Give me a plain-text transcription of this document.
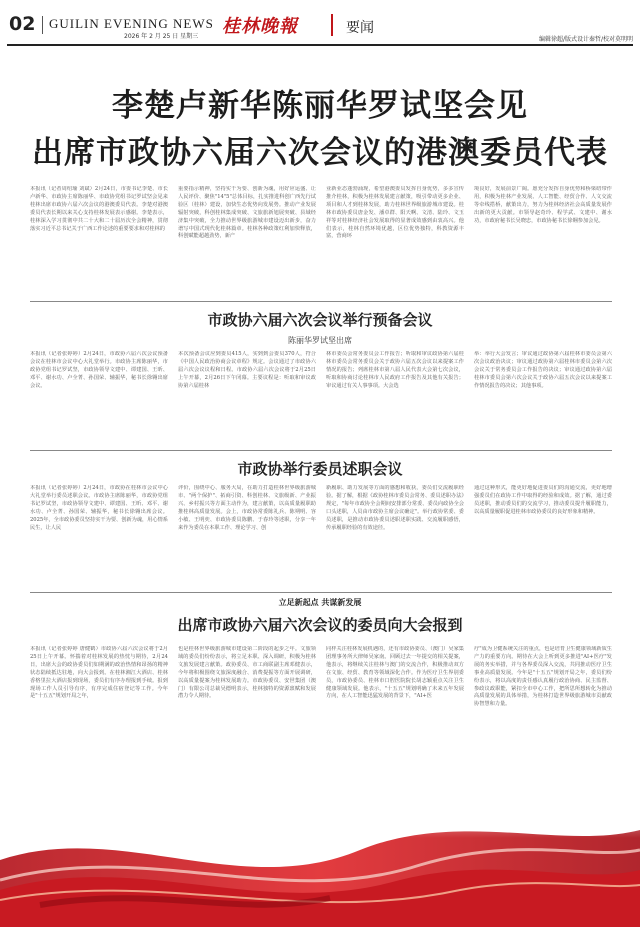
02 GUILIN EVENING NEWS
2026 年 2 月 25 日 星期三 桂林晚報	要闻
编辑徐超/版式设计秦哲/校对莫明明
李楚卢新华陈丽华罗试坚会见
出席市政协六届六次会议的港澳委员代表
本报讯（记者周绍瑜 刘斌）2月24日，市委书记李楚、市长卢新华、市政协主席陈丽华、市政协党组书记罗试坚会见来桂林出席市政协六届六次会议的港澳委员代表。李楚对港澳委员代表长期以来关心支持桂林发展表示感谢。李楚表示，桂林深入学习贯彻中共二十大和二十届历次全会精神，贯彻落实习近平总书记关于广西工作论述的重要要求和对桂林的
重要指示精神，坚持实干为要、创新为魂，用好应运盛、让人民评价、聚焦"14"5"总体目标，扎实推进科创广西先行试验区（桂林）建设，加快生态优势向发展势。推动产业发展辐射突破，科创桂林集成突破、文旅旅新旭展突破、县域经济集中突破，全力推动世界级旅游城市建设迈出新步，奋力谱写中国式现代化桂林篇章。桂林各种政策红利加快释放，科创赋能超越劲势，新产
业新业态蓬勃涌现，希望港澳委员发挥自身优势，多多宣传推介桂林，积极为桂林发展建言献策，吸引带动更多企业、项目和人才到桂林发展，助力桂林世界级旅游城市建设。桂林市政协委员唐金发、潘卓群、阳天啊、文清、陆玲、文玉祥等对桂林经济社会发展取得的显著成效感到由衷高兴。他们表示，桂林自然环境优越，区位优势独特，科教资源丰富，营商环
境良好，发展前景广阔。愿充分发挥自身优势和桥梁纽带作用，积极为桂林产业发展、人工智能、经贸合作、人文交流等牵线搭桥，献策出力，努力为桂林经济社会高质量发展作出新的更大贡献。市领导赵奇玲、程学武、文建中、谢水功，市政府秘书长吴晓忠，市政协秘书长徐翱参加会见。
市政协六届六次会议举行预备会议
陈丽华罗试坚出席
本报讯（记者张婷婷）2月24日，市政协六届六次会议预备会议在桂林市会议中心大礼堂举行。市政协主席陈丽华，市政协党组书记罗试坚，市政协领导文建中、谭建国、王昕、邓平、谢水功、卢全菁、孙国荣、辅振华，秘书长徐翱出席会议。
本次预备会议应到委员415人，实到到会委员370人，符合《中国人民政治协商会议章程》规定。会议通过了市政协六届六次会议议程和日程。市政协六届六次会议将于2月25日上午开幕，2月26日下午闭幕。主要议程是：听取和审议政协第六届桂林
林市委员会常务委员会工作报告；听取和审议政协第六届桂林市委员会常务委员会关于政协六届五次会议以来提案工作情况的报告；列席桂林市第八届人民代表大会第七次会议，听取和协商讨论桂林市人民政府工作报告及其他有关报告；审议通过有关人事事项。大会选
举：举行大会发言；审议通过政协第六届桂林市委员会第六次会议政治决议；审议通过政协第六届桂林市委员会第六次会议关于常务委员会工作报告的决议；审议通过政协第六届桂林市委员会第六次会议关于政协六届五次会议以来提案工作情况报告的决议；其他事项。
市政协举行委员述职会议
本报讯（记者张婷婷）2月24日，市政协在桂林市会议中心大礼堂举行委员述职会议。市政协主席陈丽华，市政协党组书记罗试坚，市政协领导文建中、谭建国、王昕、邓平、谢水功、卢全菁、孙国荣、辅振华，秘书长徐翱出席会议。2025年，全市政协委员坚持实干为要、创新为魂，用心情系民生，让人民
评价，围绕中心、服务大局，在助力打造桂林世界级旅游城市、"两个保护"、拓商引资、科创桂林、文旅级新、产业振兴、乡村振兴等方面主动作为，建言献策，以高质量履职助推桂林高质量发展。会上，市政协常委陈礼兵、陈朔明、容小敏、王明奕、市政协委员陈鹏、于春玲等述职，分享一年来作为委员在本职工作、理论学习、创
新履职、助力发展等方面的感想和收获，委员们交流履职经验。据了解，根据《政协桂林市委员会常务、委员述职办法》规定，"每年市政协全会期间安排部分常委、委员向政协全会口头述职，人员由市政协主席会议确定"。举行政协常委、委员述职，是推动市政协委员述职述职实践、交流履职感悟，传承履职经验的有效途径。
通过这种形式，能更好地促进委员们的沟通交流，更好地增强委员们在政协工作中取得的经验和成效。据了解，通过委员述职，推动委员们的交流学习，推动委员提升履职能力，以高质量履职促进桂林市政协委员的良好形象和精神。
立足新起点 共谋新发展
出席市政协六届六次会议的委员向大会报到
本报讯（记者张婷婷 唐健鹤）市政协六届六次会议将于2月25日上午开幕。怀揣着对桂林发展的热忱与期待，2月24日，出席大会的政协委员们如期满的政治热情和昂扬的精神状态陆续抵达驻地，向大会报到。在桂林湘江大酒店、桂林香格里拉大酒店报到现场，委员们有序办理报到手续。报到现场工作人员引导有序，有序完成住宿登记等工作。今年是"十五五"规划开局之年，
也是桂林世界级旅游城市建设第二阶段的起步之年。文旅领域的委员们纷纷表示，将立足本职、深入调研，积极为桂林文旅发展建言献策。政协委员、市工商联副主席邓健表示，今年将积极围绕文旅深度融合、消费提振等方面开展调研，以高质量提案为桂林发展助力。市政协委员、安世集团（澳门）有限公司总裁吴德明表示，桂林独特的资源禀赋和发展潜力令人期待。
同样关注桂林发展机遇的，还有市政协委员、（澳门）吴家集团理事务所大律师吴家南。回顾过去一年提交的相关提案，他表示，将继续关注桂林与澳门的交流合作，积极推动双方在文旅、经贸、教育等领域深化合作。作为医疗卫生界别委员，市政协委员、桂林市口腔医院院长胡志颖重点关注卫生健康领域发展。他表示，"十五五"规划明确了未来五年发展方向，在人工智能迅猛发展的背景下，"AI+医
疗"成为卫健系统关注的重点，也是培育卫生健康领域新质生产力的重要方向。期待在大会上听到更多推进"AI+医疗"发展的务实举措，并与各界委员深入交流，共同推动医疗卫生事业高质量发展。今年是"十五五"规划开局之年，委员们纷纷表示，将以高度的责任感认真履行政治协商、民主监督、参政议政职能，紧扣全市中心工作，把所思所想转化为推动高质量发展的具体举措，为桂林打造世界级旅游城市贡献政协智慧和力量。
